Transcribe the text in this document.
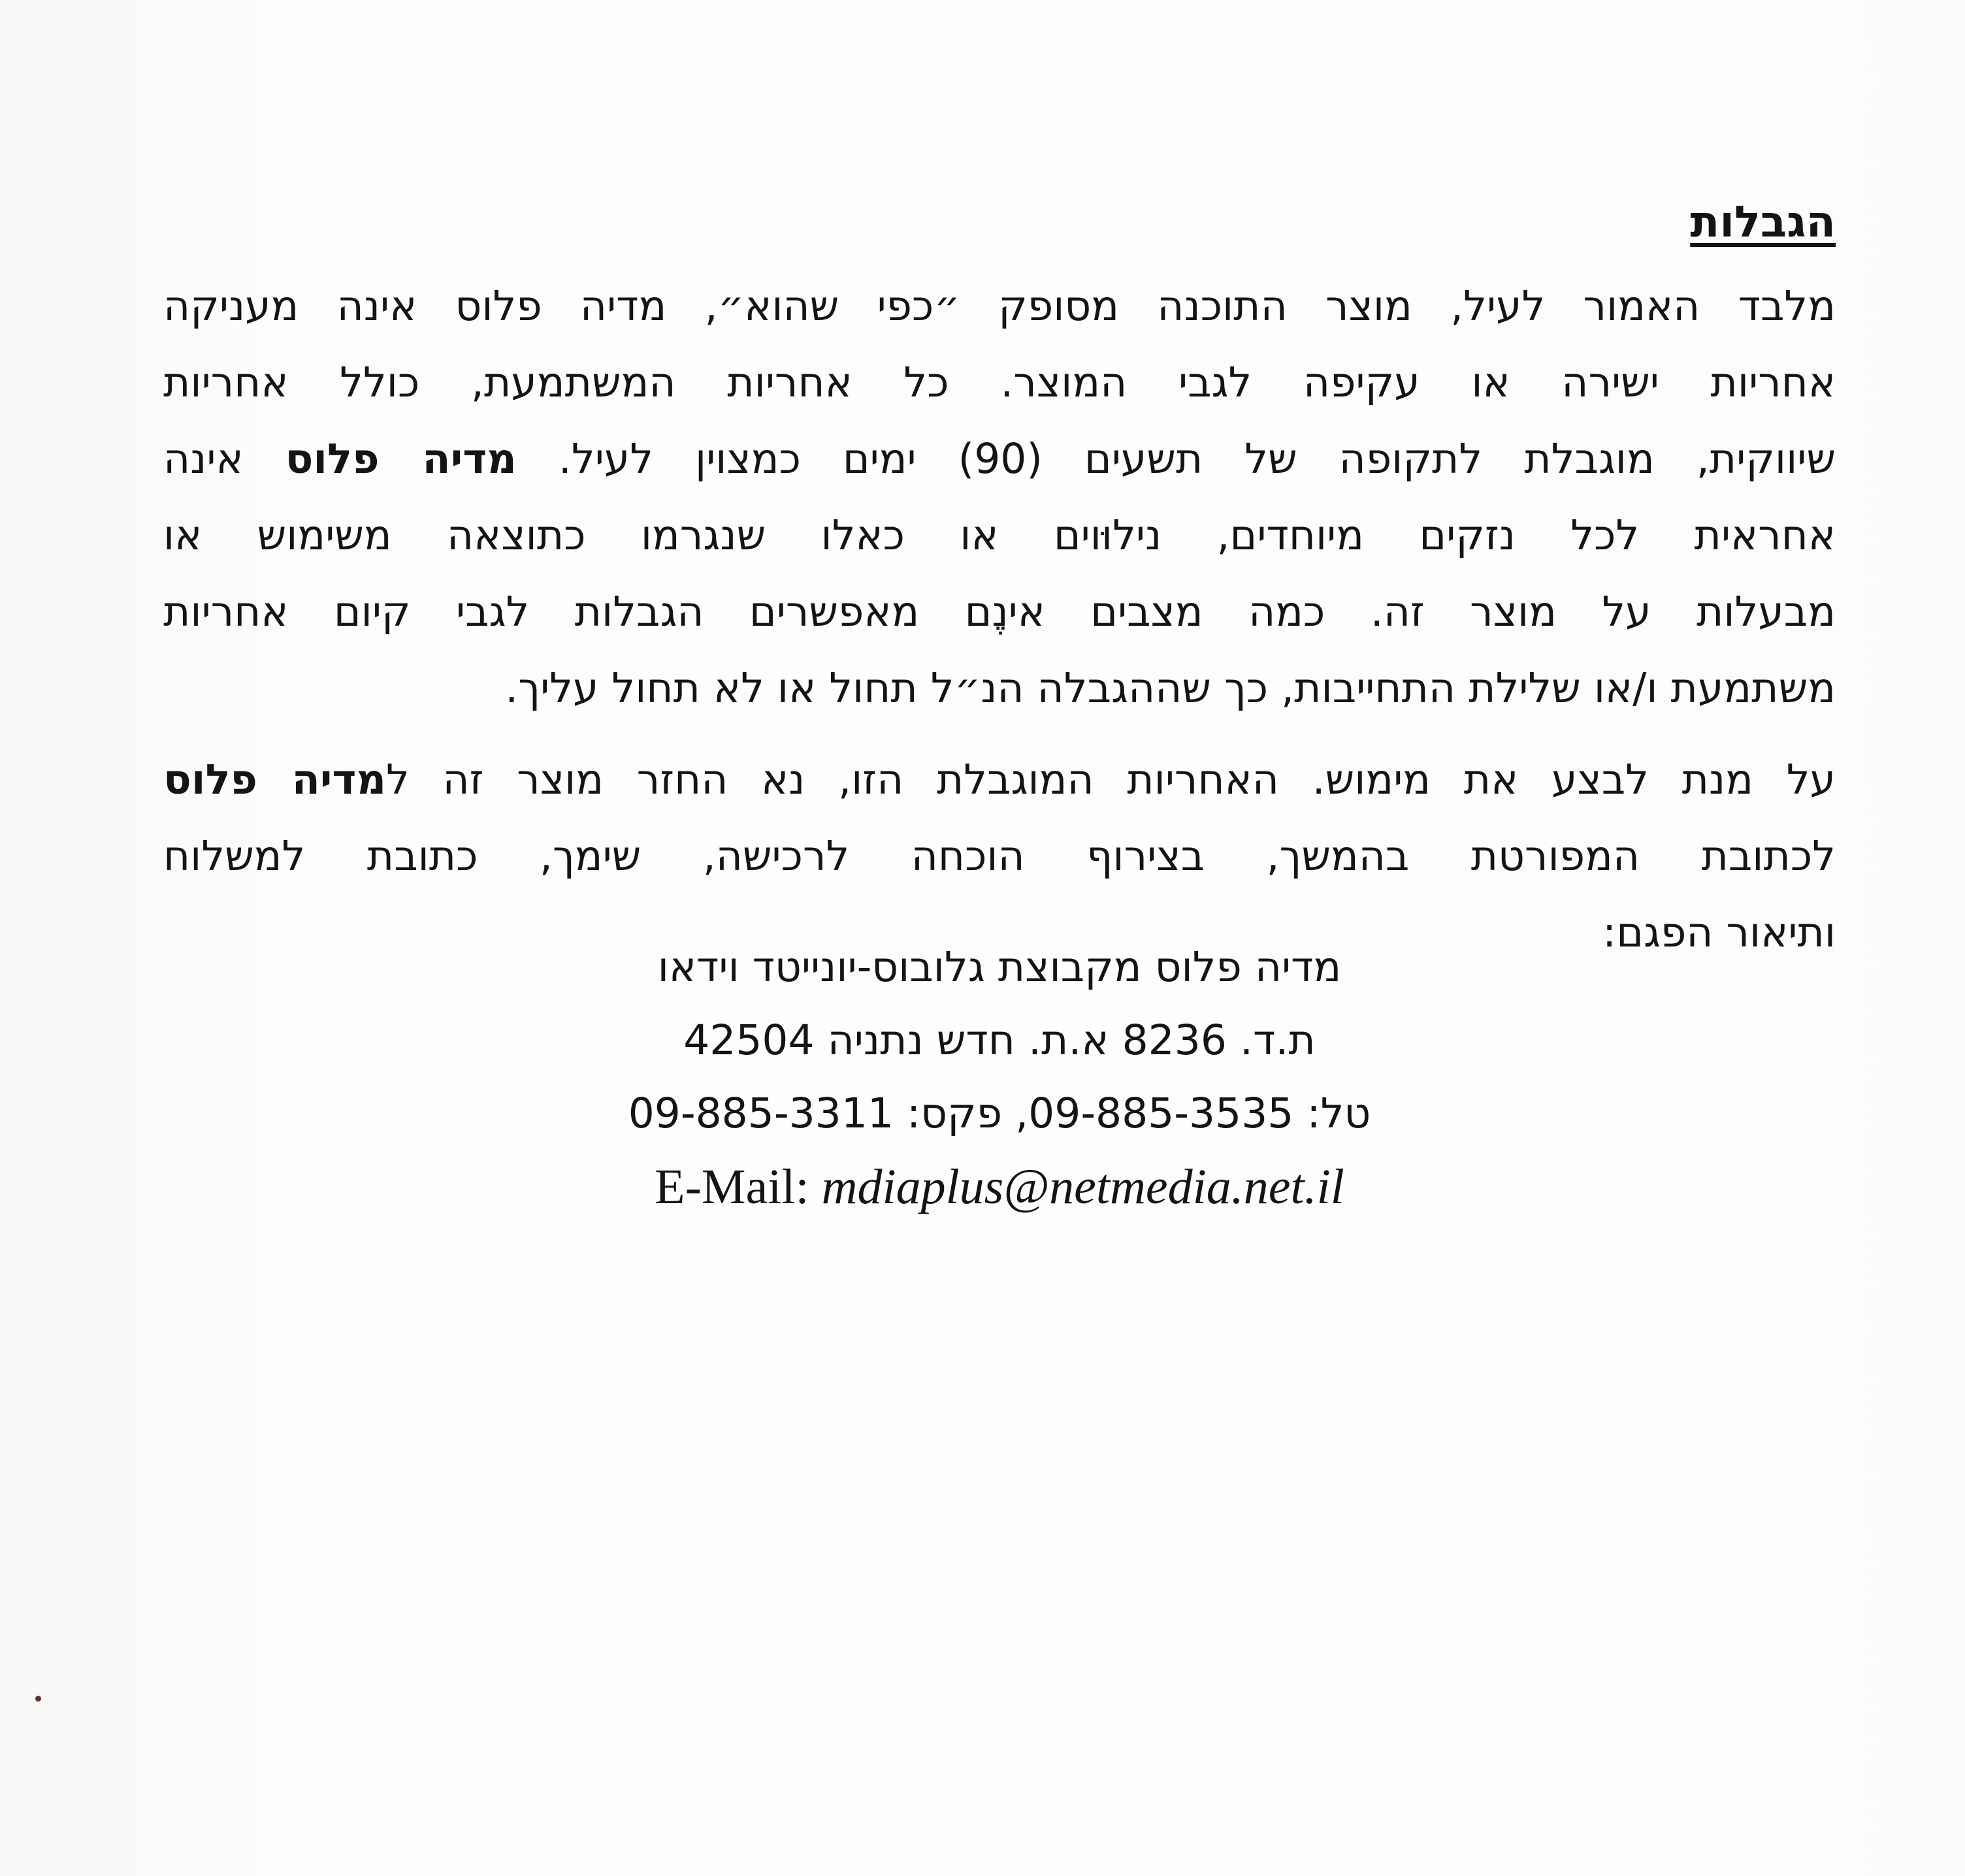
הגבלות
מלבד האמור לעיל, מוצר התוכנה מסופק ״כפי שהוא״, מדיה פלוס אינה מעניקה
אחריות ישירה או עקיפה לגבי המוצר. כל אחריות המשתמעת, כולל אחריות
שיווקית, מוגבלת לתקופה של תשעים (90) ימים כמצוין לעיל. מדיה פלוס אינה
אחראית לכל נזקים מיוחדים, נילוּוים או כאלו שנגרמו כתוצאה משימוש או
מבעלות על מוצר זה. כמה מצבים אינֶם מאפשרים הגבלות לגבי קיום אחריות
משתמעת ו/או שלילת התחייבות, כך שההגבלה הנ״ל תחול או לא תחול עליך.
על מנת לבצע את מימוש. האחריות המוגבלת הזו, נא החזר מוצר זה למדיה פלוס
לכתובת המפורטת בהמשך, בצירוף הוכחה לרכישה, שימך, כתובת למשלוח
ותיאור הפגם:
מדיה פלוס מקבוצת גלובוס-יונייטד וידאו
ת.ד. 8236 א.ת. חדש נתניה 42504
טל: 09-885-3535, פקס: 09-885-3311
E-Mail: mdiaplus@netmedia.net.il
